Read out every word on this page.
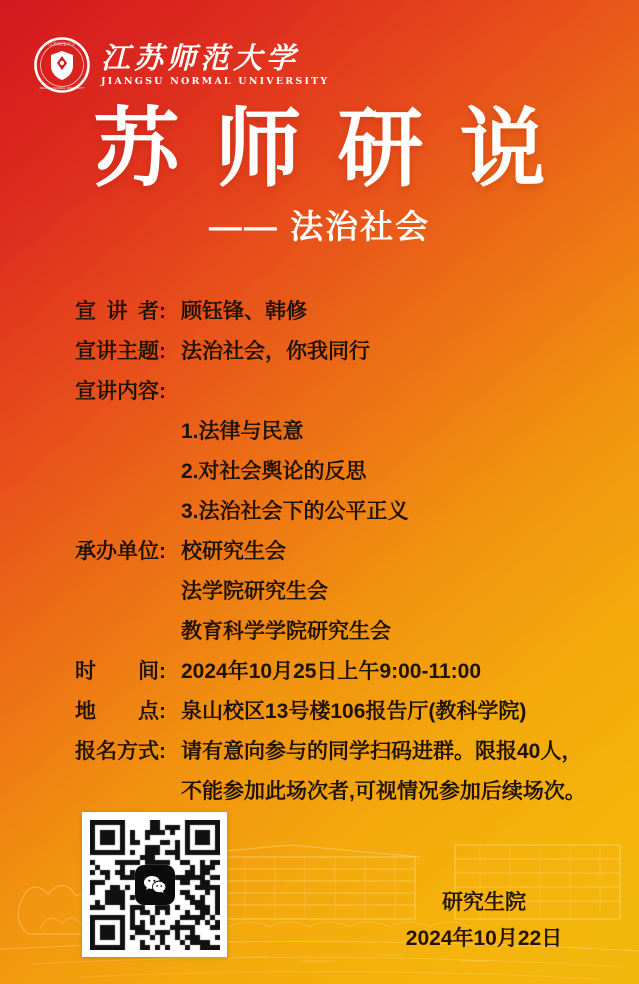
江苏师范大学
JIANGSU NORMAL UNIVERSITY
江苏师范大学
JIANGSU NORMAL UNIVERSITY
苏师研说
—— 法治社会
宣 讲 者: 顾钰锋、韩修
宣讲主题: 法治社会，你我同行
宣讲内容:
1.法律与民意
2.对社会舆论的反思
3.法治社会下的公平正义
承办单位: 校研究生会
法学院研究生会
教育科学学院研究生会
时　　间: 2024年10月25日上午9:00-11:00
地　　点: 泉山校区13号楼106报告厅(教科学院)
报名方式: 请有意向参与的同学扫码进群。限报40人，
不能参加此场次者,可视情况参加后续场次。
研究生院
2024年10月22日
